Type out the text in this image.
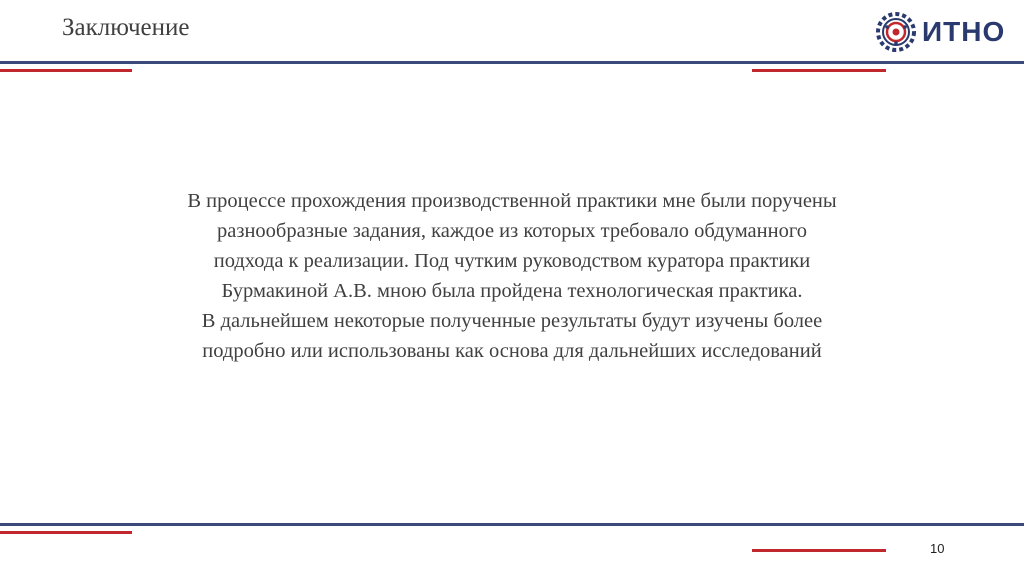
Заключение	ИТНО
В процессе прохождения производственной практики мне были поручены
разнообразные задания, каждое из которых требовало обдуманного
подхода к реализации. Под чутким руководством куратора практики
Бурмакиной А.В. мною была пройдена технологическая практика.
В дальнейшем некоторые полученные результаты будут изучены более
подробно или использованы как основа для дальнейших исследований
10
